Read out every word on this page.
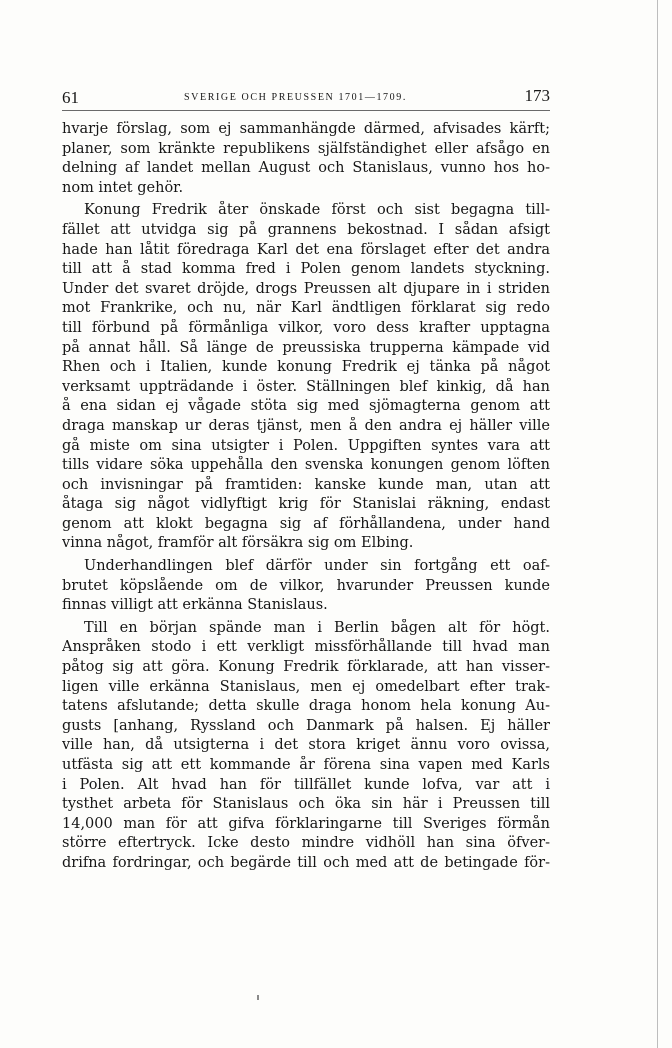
61	SVERIGE OCH PREUSSEN 1701—1709.	173
hvarje förslag, som ej sammanhängde därmed, afvisades kärft;
planer, som kränkte republikens själfständighet eller afsågo en
delning af landet mellan August och Stanislaus, vunno hos ho-
nom intet gehör.
Konung Fredrik åter önskade först och sist begagna till-
fället att utvidga sig på grannens bekostnad. I sådan afsigt
hade han låtit föredraga Karl det ena förslaget efter det andra
till att å stad komma fred i Polen genom landets styckning.
Under det svaret dröjde, drogs Preussen alt djupare in i striden
mot Frankrike, och nu, när Karl ändtligen förklarat sig redo
till förbund på förmånliga vilkor, voro dess krafter upptagna
på annat håll. Så länge de preussiska trupperna kämpade vid
Rhen och i Italien, kunde konung Fredrik ej tänka på något
verksamt uppträdande i öster. Ställningen blef kinkig, då han
å ena sidan ej vågade stöta sig med sjömagterna genom att
draga manskap ur deras tjänst, men å den andra ej häller ville
gå miste om sina utsigter i Polen. Uppgiften syntes vara att
tills vidare söka uppehålla den svenska konungen genom löften
och invisningar på framtiden: kanske kunde man, utan att
åtaga sig något vidlyftigt krig för Stanislai räkning, endast
genom att klokt begagna sig af förhållandena, under hand
vinna något, framför alt försäkra sig om Elbing.
Underhandlingen blef därför under sin fortgång ett oaf-
brutet köpslående om de vilkor, hvarunder Preussen kunde
finnas villigt att erkänna Stanislaus.
Till en början spände man i Berlin bågen alt för högt.
Anspråken stodo i ett verkligt missförhållande till hvad man
påtog sig att göra. Konung Fredrik förklarade, att han visser-
ligen ville erkänna Stanislaus, men ej omedelbart efter trak-
tatens afslutande; detta skulle draga honom hela konung Au-
gusts [anhang, Ryssland och Danmark på halsen. Ej häller
ville han, då utsigterna i det stora kriget ännu voro ovissa,
utfästa sig att ett kommande år förena sina vapen med Karls
i Polen. Alt hvad han för tillfället kunde lofva, var att i
tysthet arbeta för Stanislaus och öka sin här i Preussen till
14,000 man för att gifva förklaringarne till Sveriges förmån
större eftertryck. Icke desto mindre vidhöll han sina öfver-
drifna fordringar, och begärde till och med att de betingade för-
